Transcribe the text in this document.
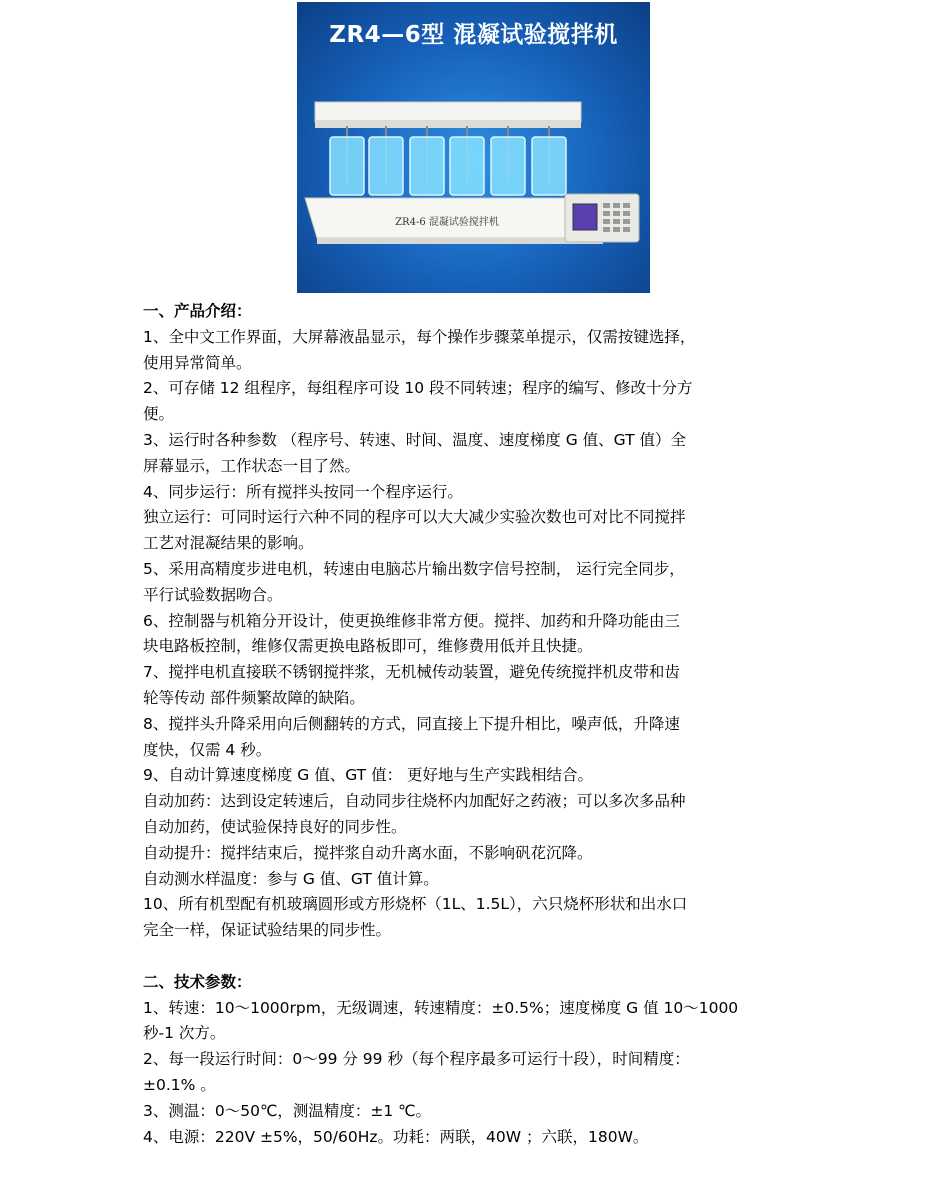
ZR4—6型 混凝试验搅拌机
ZR4-6 混凝试验搅拌机

一、产品介绍：

1、全中文工作界面，大屏幕液晶显示，每个操作步骤菜单提示，仅需按键选择，

使用异常简单。

2、可存储 12 组程序，每组程序可设 10 段不同转速；程序的编写、修改十分方

便。

3、运行时各种参数 （程序号、转速、时间、温度、速度梯度 G 值、GT 值）全

屏幕显示，工作状态一目了然。

4、同步运行：所有搅拌头按同一个程序运行。

独立运行：可同时运行六种不同的程序可以大大减少实验次数也可对比不同搅拌

工艺对混凝结果的影响。

5、采用高精度步进电机，转速由电脑芯片输出数字信号控制， 运行完全同步，

平行试验数据吻合。

6、控制器与机箱分开设计，使更换维修非常方便。搅拌、加药和升降功能由三

块电路板控制，维修仅需更换电路板即可，维修费用低并且快捷。

7、搅拌电机直接联不锈钢搅拌浆，无机械传动装置，避免传统搅拌机皮带和齿

轮等传动 部件频繁故障的缺陷。

8、搅拌头升降采用向后侧翻转的方式，同直接上下提升相比，噪声低，升降速

度快，仅需 4 秒。

9、自动计算速度梯度 G 值、GT 值： 更好地与生产实践相结合。

自动加药：达到设定转速后，自动同步往烧杯内加配好之药液；可以多次多品种

自动加药，使试验保持良好的同步性。

自动提升：搅拌结束后，搅拌浆自动升离水面，不影响矾花沉降。

自动测水样温度：参与 G 值、GT 值计算。

10、所有机型配有机玻璃圆形或方形烧杯（1L、1.5L），六只烧杯形状和出水口

完全一样，保证试验结果的同步性。

二、技术参数：

1、转速：10～1000rpm，无级调速，转速精度：±0.5%；速度梯度 G 值 10～1000

秒-1 次方。

2、每一段运行时间：0～99 分 99 秒（每个程序最多可运行十段），时间精度：

±0.1% 。

3、测温：0～50℃，测温精度：±1 ℃。

4、电源：220V ±5%，50/60Hz。功耗：两联，40W ；六联，180W。
